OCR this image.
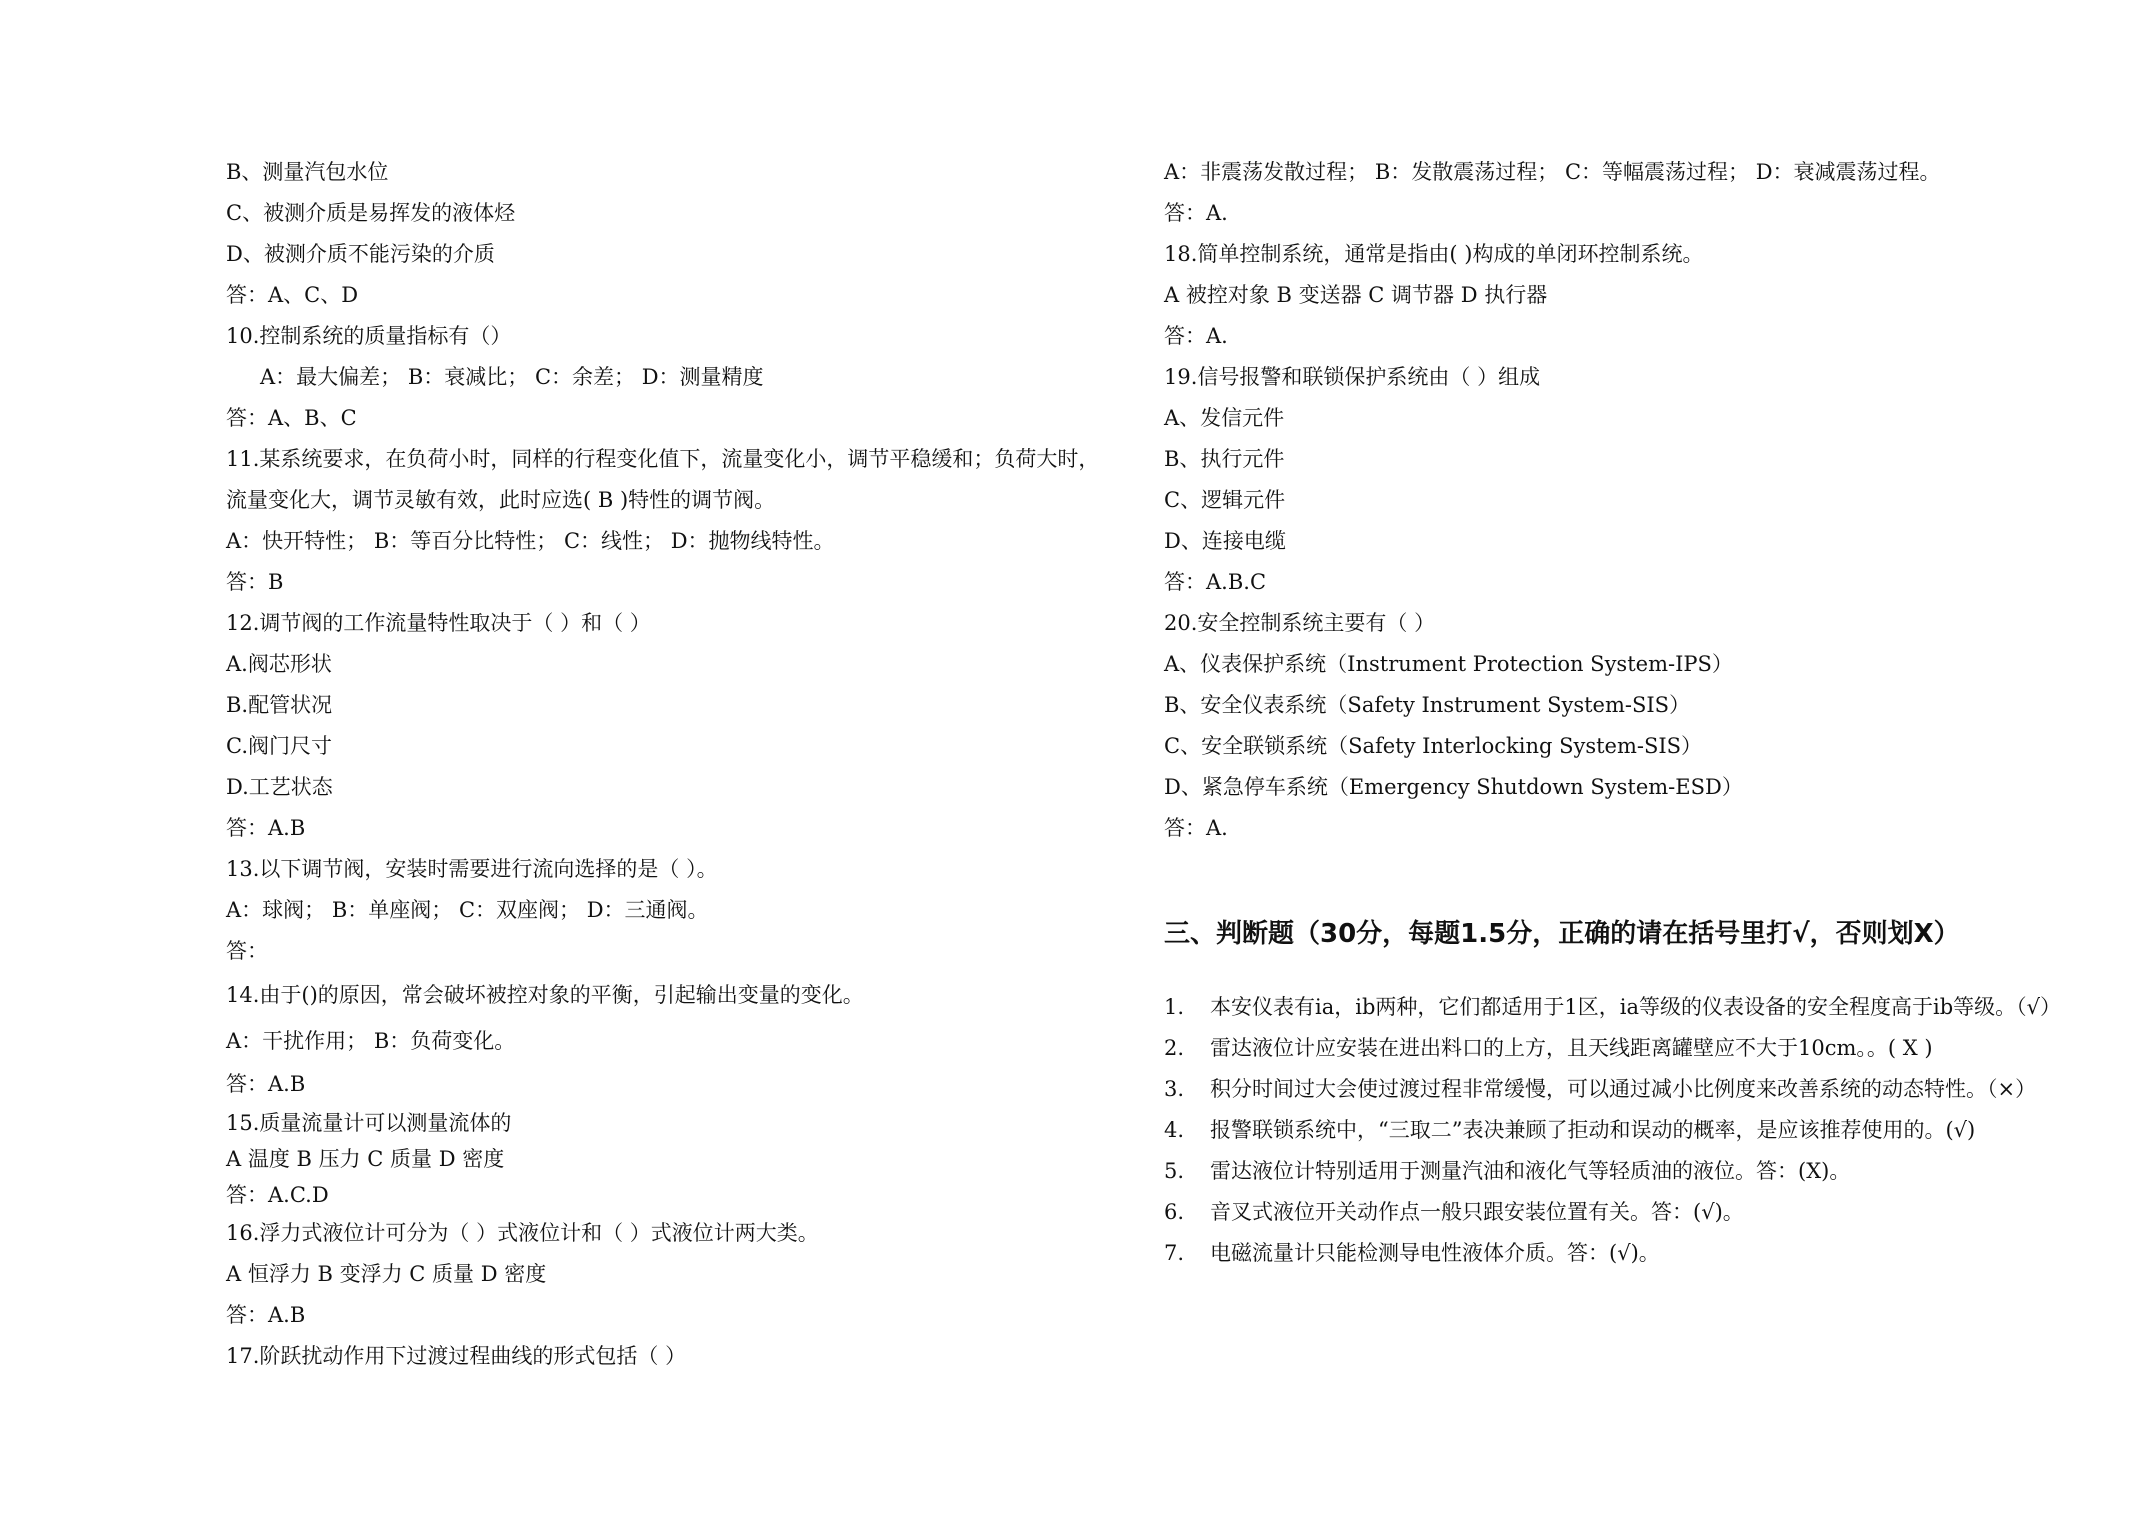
B、测量汽包水位
C、被测介质是易挥发的液体烃
D、被测介质不能污染的介质
答：A、C、D
10.控制系统的质量指标有（）
A：最大偏差； B：衰减比； C：余差； D：测量精度
答：A、B、C
11.某系统要求，在负荷小时，同样的行程变化值下，流量变化小，调节平稳缓和；负荷大时，
流量变化大，调节灵敏有效，此时应选( B )特性的调节阀。
A：快开特性； B：等百分比特性； C：线性； D：抛物线特性。
答：B
12.调节阀的工作流量特性取决于（ ）和（ ）
A.阀芯形状
B.配管状况
C.阀门尺寸
D.工艺状态
答：A.B
13.以下调节阀，安装时需要进行流向选择的是（ ）。
A：球阀； B：单座阀； C：双座阀； D：三通阀。
答：
14.由于()的原因，常会破坏被控对象的平衡，引起输出变量的变化。
A：干扰作用； B：负荷变化。
答：A.B
15.质量流量计可以测量流体的
A 温度 B 压力 C 质量 D 密度
答：A.C.D
16.浮力式液位计可分为（ ）式液位计和（ ）式液位计两大类。
A 恒浮力 B 变浮力 C 质量 D 密度
答：A.B
17.阶跃扰动作用下过渡过程曲线的形式包括（ ）
A：非震荡发散过程； B：发散震荡过程； C：等幅震荡过程； D：衰减震荡过程。
答：A.
18.简单控制系统，通常是指由( )构成的单闭环控制系统。
A 被控对象 B 变送器 C 调节器 D 执行器
答：A.
19.信号报警和联锁保护系统由（ ）组成
A、发信元件
B、执行元件
C、逻辑元件
D、连接电缆
答：A.B.C
20.安全控制系统主要有（ ）
A、仪表保护系统（Instrument Protection System-IPS）
B、安全仪表系统（Safety Instrument System-SIS）
C、安全联锁系统（Safety Interlocking System-SIS）
D、紧急停车系统（Emergency Shutdown System-ESD）
答：A.
三、判断题（30分，每题1.5分，正确的请在括号里打√，否则划X）
1.	本安仪表有ia，ib两种，它们都适用于1区，ia等级的仪表设备的安全程度高于ib等级。（√）
2.	雷达液位计应安装在进出料口的上方，且天线距离罐壁应不大于10cm。。( X )
3.	积分时间过大会使过渡过程非常缓慢，可以通过减小比例度来改善系统的动态特性。（×）
4.	报警联锁系统中，“三取二”表决兼顾了拒动和误动的概率，是应该推荐使用的。(√)
5.	雷达液位计特别适用于测量汽油和液化气等轻质油的液位。答：(X)。
6.	音叉式液位开关动作点一般只跟安装位置有关。答：(√)。
7.	电磁流量计只能检测导电性液体介质。答：(√)。
